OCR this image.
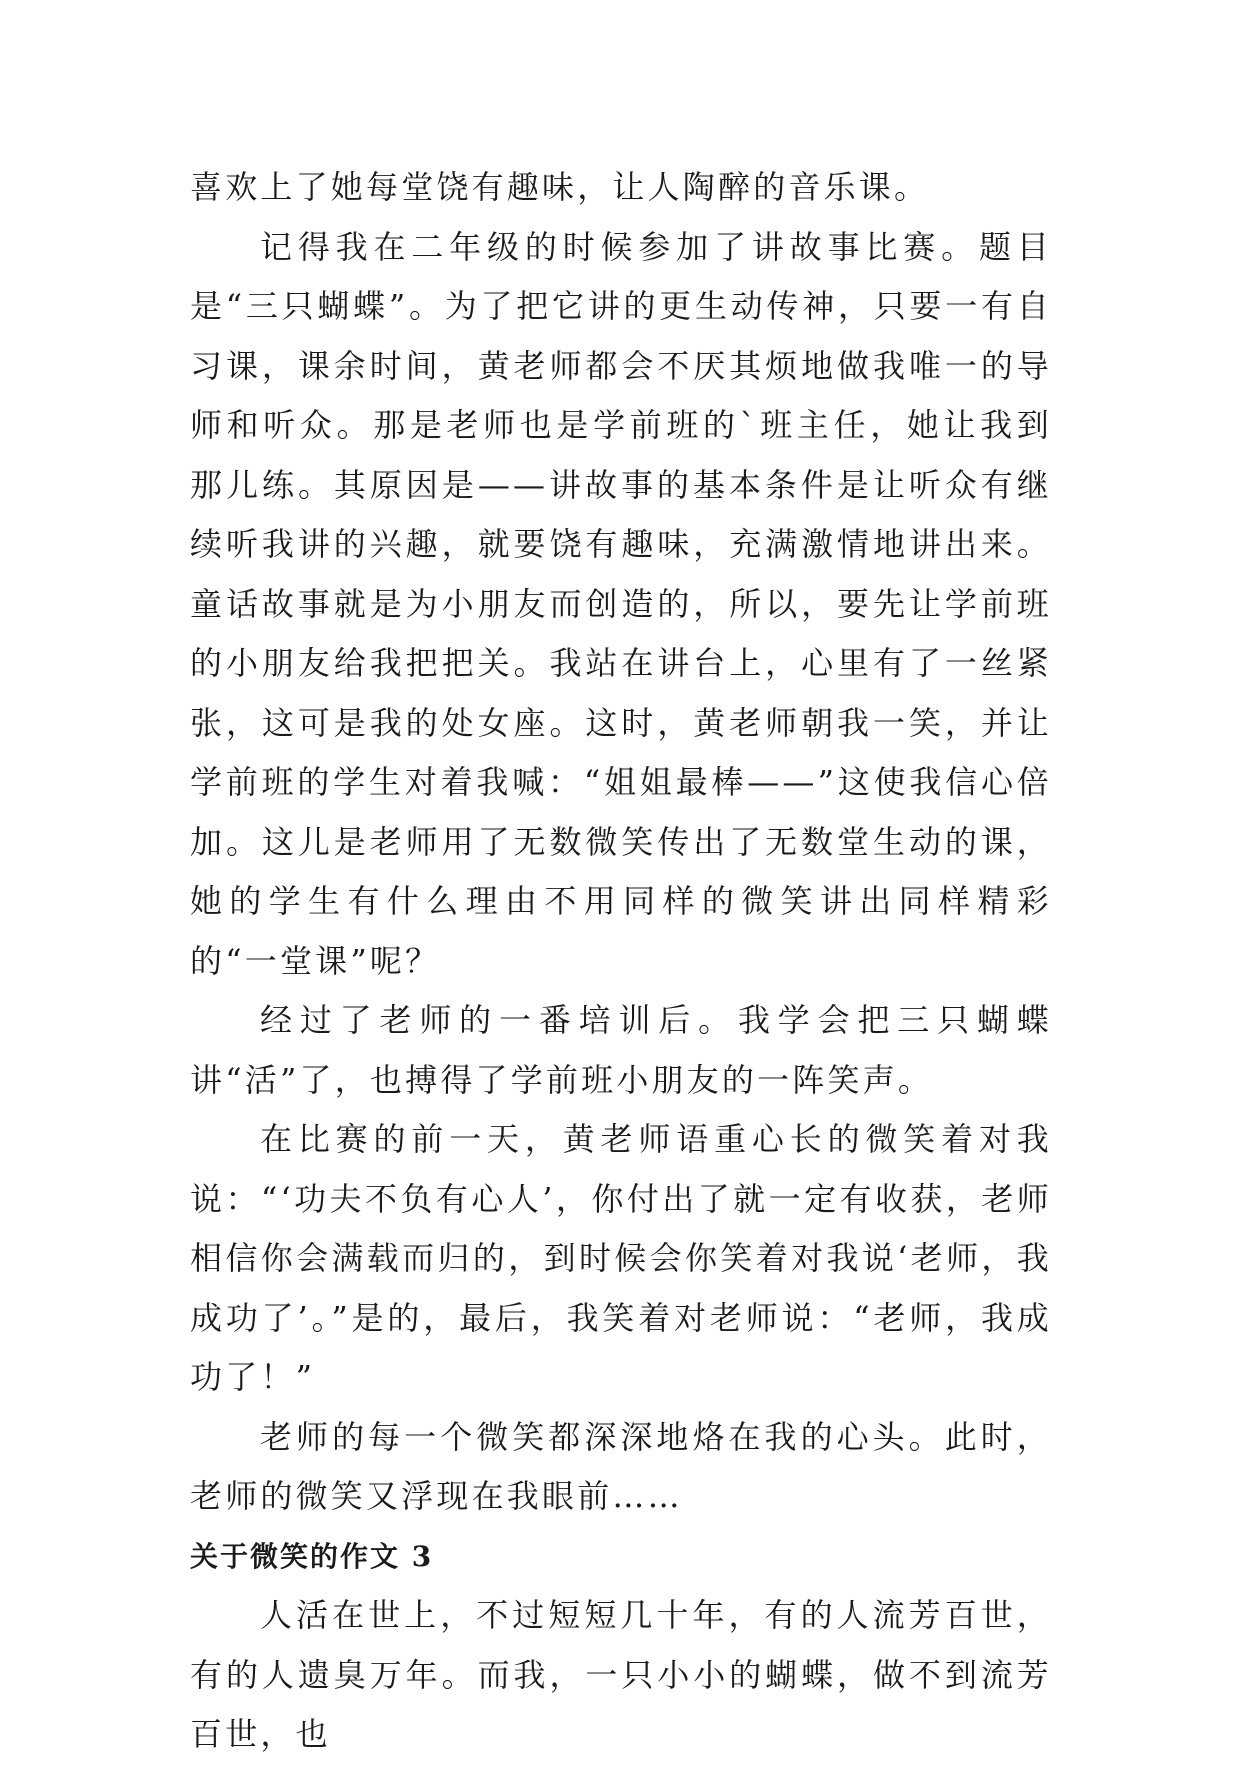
喜欢上了她每堂饶有趣味，让人陶醉的音乐课。

记得我在二年级的时候参加了讲故事比赛。题目是“三只蝴蝶”。为了把它讲的更生动传神，只要一有自习课，课余时间，黄老师都会不厌其烦地做我唯一的导师和听众。那是老师也是学前班的`班主任，她让我到那儿练。其原因是——讲故事的基本条件是让听众有继续听我讲的兴趣，就要饶有趣味，充满激情地讲出来。童话故事就是为小朋友而创造的，所以，要先让学前班的小朋友给我把把关。我站在讲台上，心里有了一丝紧张，这可是我的处女座。这时，黄老师朝我一笑，并让学前班的学生对着我喊：“姐姐最棒——”这使我信心倍加。这儿是老师用了无数微笑传出了无数堂生动的课，她的学生有什么理由不用同样的微笑讲出同样精彩的“一堂课”呢？

经过了老师的一番培训后。我学会把三只蝴蝶讲“活”了，也搏得了学前班小朋友的一阵笑声。

在比赛的前一天，黄老师语重心长的微笑着对我说：“‘功夫不负有心人’，你付出了就一定有收获，老师相信你会满载而归的，到时候会你笑着对我说‘老师，我成功了’。”是的，最后，我笑着对老师说：“老师，我成功了！”

老师的每一个微笑都深深地烙在我的心头。此时，老师的微笑又浮现在我眼前……

关于微笑的作文 3

人活在世上，不过短短几十年，有的人流芳百世，有的人遗臭万年。而我，一只小小的蝴蝶，做不到流芳百世，也
